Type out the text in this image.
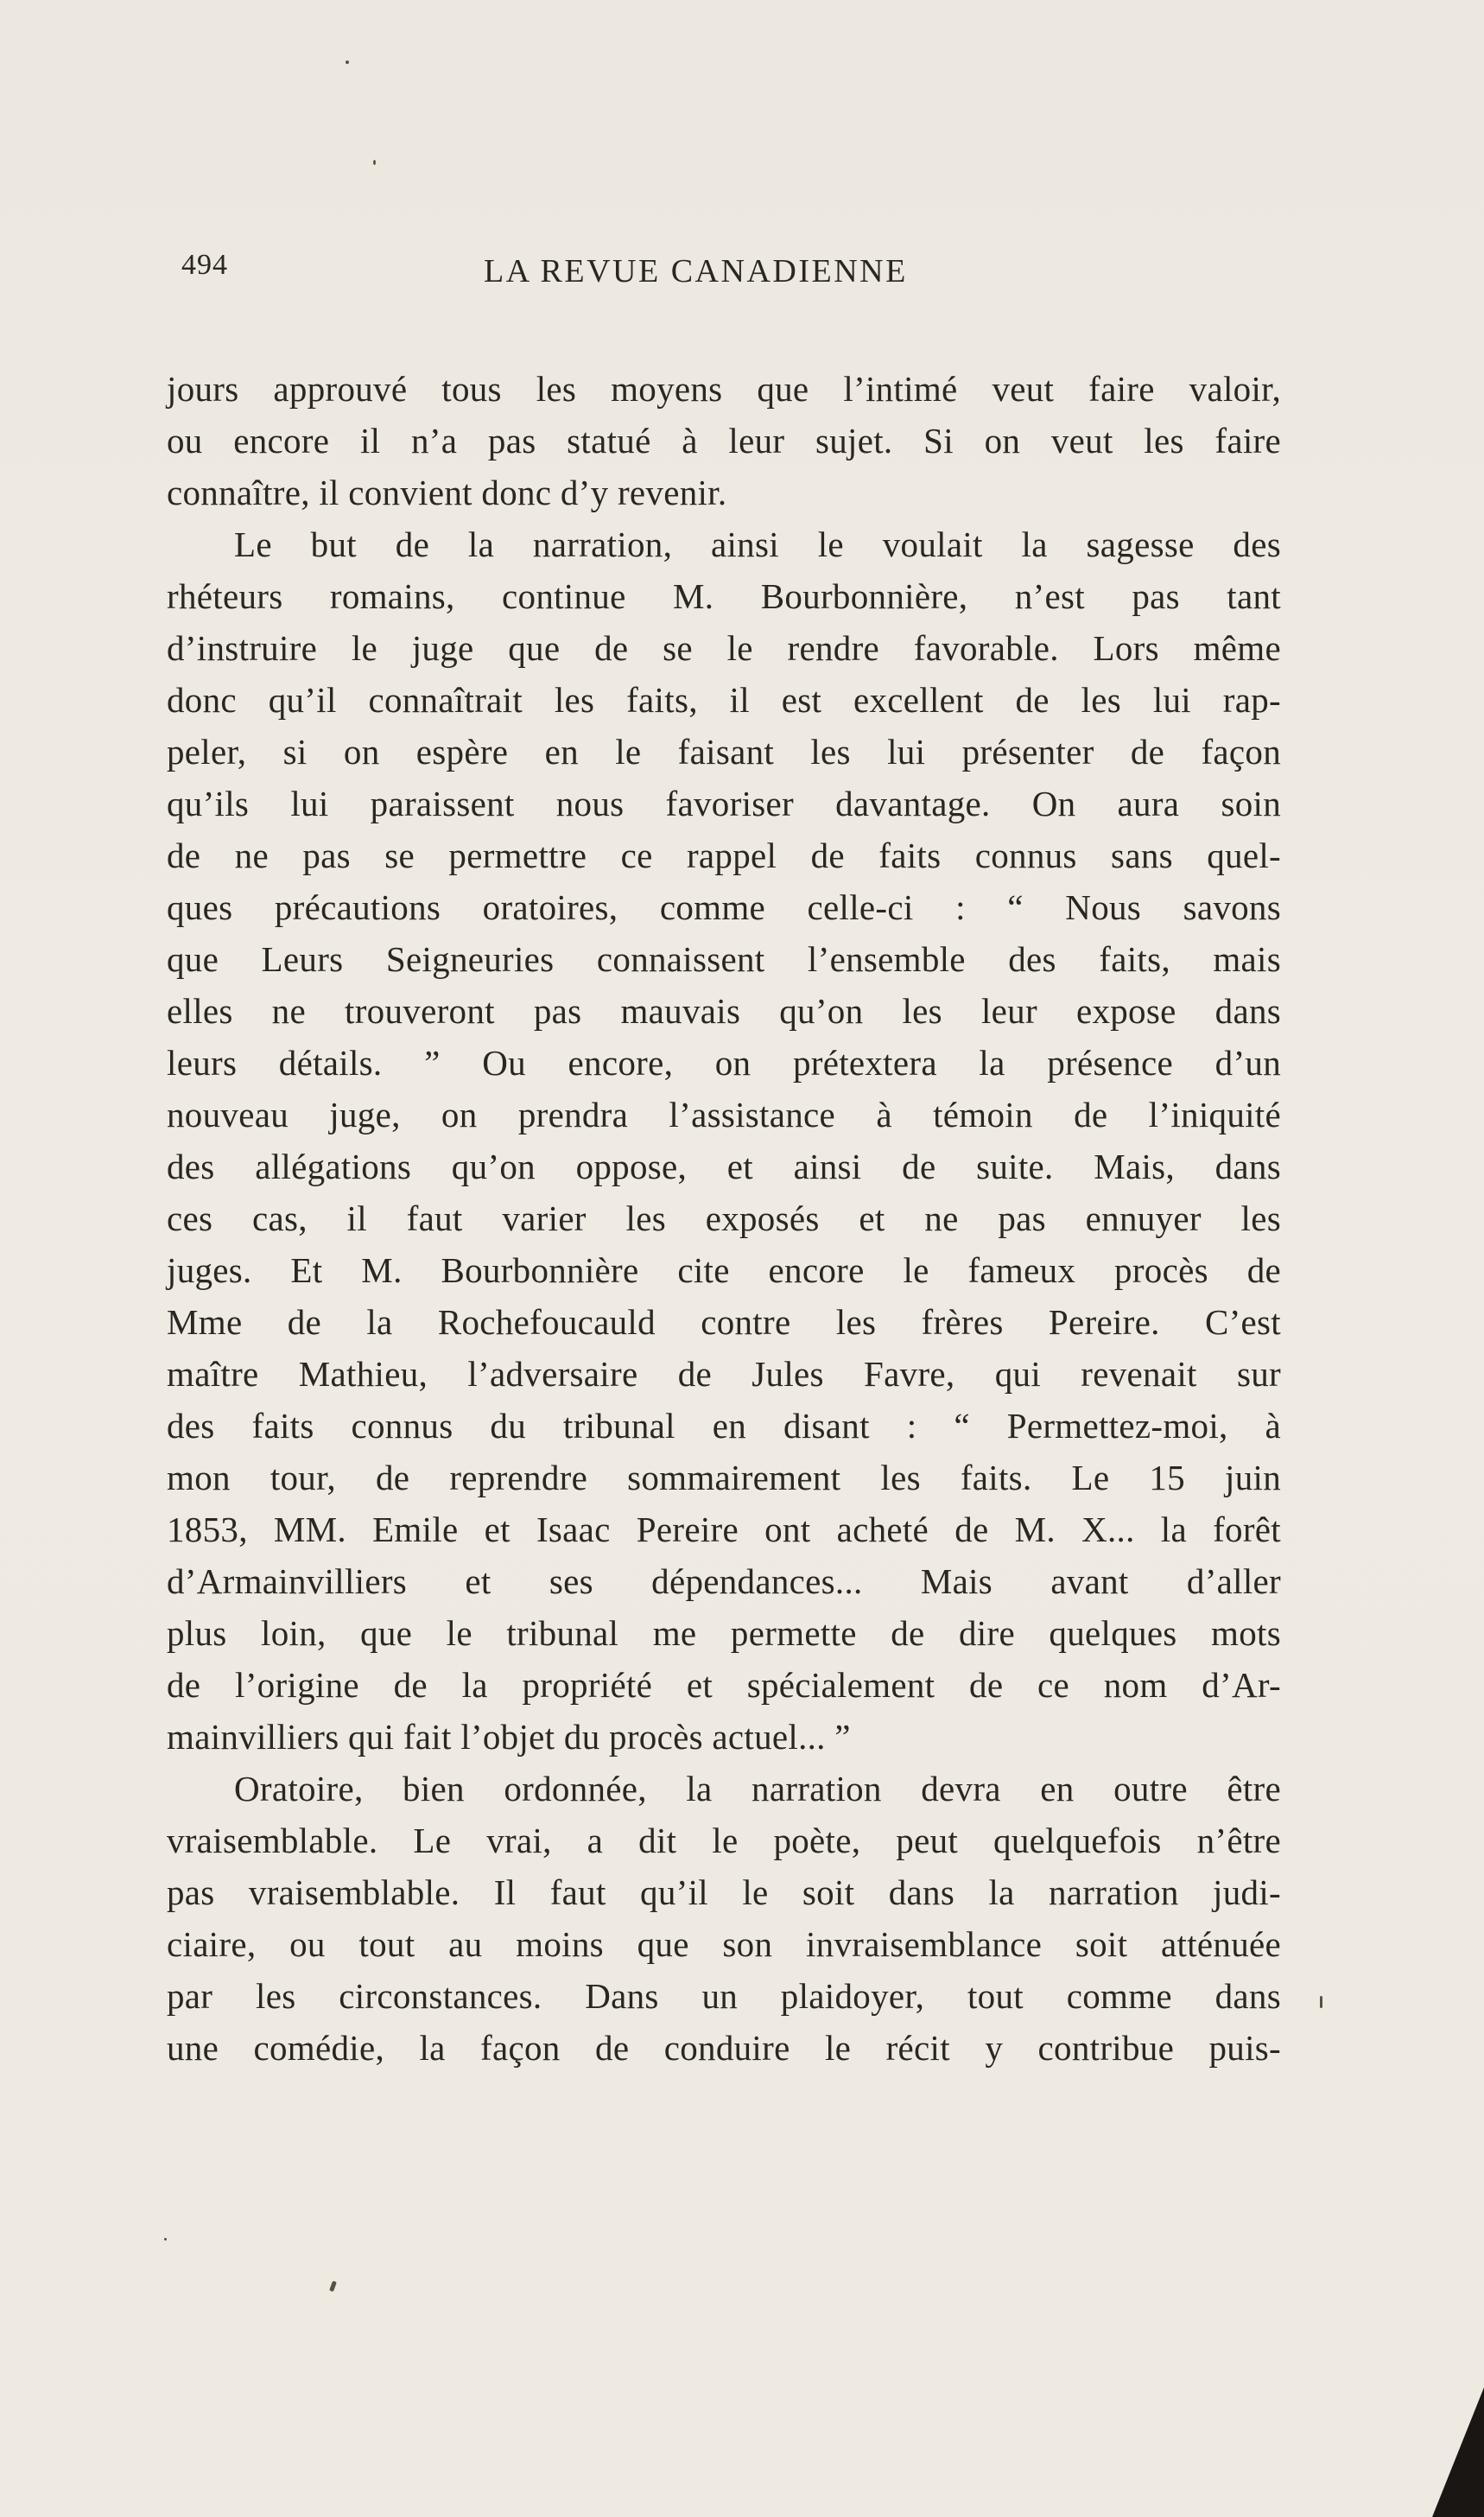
494	LA REVUE CANADIENNE
jours approuvé tous les moyens que l’intimé veut faire valoir,
ou encore il n’a pas statué à leur sujet. Si on veut les faire
connaître, il convient donc d’y revenir.
Le but de la narration, ainsi le voulait la sagesse des
rhéteurs romains, continue M. Bourbonnière, n’est pas tant
d’instruire le juge que de se le rendre favorable. Lors même
donc qu’il connaîtrait les faits, il est excellent de les lui rap-
peler, si on espère en le faisant les lui présenter de façon
qu’ils lui paraissent nous favoriser davantage. On aura soin
de ne pas se permettre ce rappel de faits connus sans quel-
ques précautions oratoires, comme celle-ci : “ Nous savons
que Leurs Seigneuries connaissent l’ensemble des faits, mais
elles ne trouveront pas mauvais qu’on les leur expose dans
leurs détails. ” Ou encore, on prétextera la présence d’un
nouveau juge, on prendra l’assistance à témoin de l’iniquité
des allégations qu’on oppose, et ainsi de suite. Mais, dans
ces cas, il faut varier les exposés et ne pas ennuyer les
juges. Et M. Bourbonnière cite encore le fameux procès de
Mme de la Rochefoucauld contre les frères Pereire. C’est
maître Mathieu, l’adversaire de Jules Favre, qui revenait sur
des faits connus du tribunal en disant : “ Permettez-moi, à
mon tour, de reprendre sommairement les faits. Le 15 juin
1853, MM. Emile et Isaac Pereire ont acheté de M. X... la forêt
d’Armainvilliers et ses dépendances... Mais avant d’aller
plus loin, que le tribunal me permette de dire quelques mots
de l’origine de la propriété et spécialement de ce nom d’Ar-
mainvilliers qui fait l’objet du procès actuel... ”
Oratoire, bien ordonnée, la narration devra en outre être
vraisemblable. Le vrai, a dit le poète, peut quelquefois n’être
pas vraisemblable. Il faut qu’il le soit dans la narration judi-
ciaire, ou tout au moins que son invraisemblance soit atténuée
par les circonstances. Dans un plaidoyer, tout comme dans
une comédie, la façon de conduire le récit y contribue puis-
